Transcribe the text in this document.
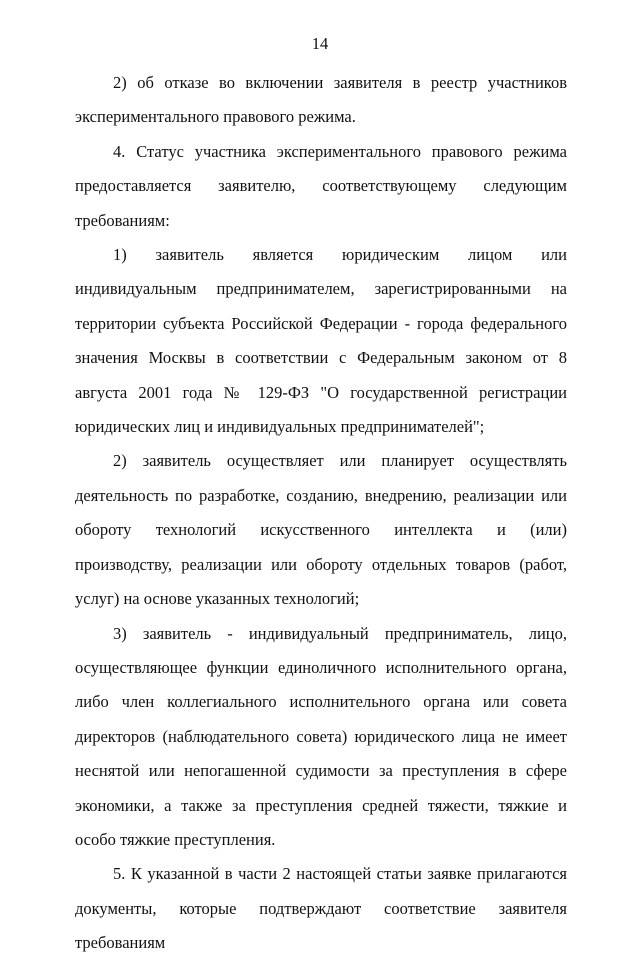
14

2) об отказе во включении заявителя в реестр участников экспериментального правового режима.

4. Статус участника экспериментального правового режима предоставляется заявителю, соответствующему следующим требованиям:

1) заявитель является юридическим лицом или индивидуальным предпринимателем, зарегистрированными на территории субъекта Российской Федерации - города федерального значения Москвы в соответствии с Федеральным законом от 8 августа 2001 года № 129-ФЗ "О государственной регистрации юридических лиц и индивидуальных предпринимателей";

2) заявитель осуществляет или планирует осуществлять деятельность по разработке, созданию, внедрению, реализации или обороту технологий искусственного интеллекта и (или) производству, реализации или обороту отдельных товаров (работ, услуг) на основе указанных технологий;

3) заявитель - индивидуальный предприниматель, лицо, осуществляющее функции единоличного исполнительного органа, либо член коллегиального исполнительного органа или совета директоров (наблюдательного совета) юридического лица не имеет неснятой или непогашенной судимости за преступления в сфере экономики, а также за преступления средней тяжести, тяжкие и особо тяжкие преступления.

5. К указанной в части 2 настоящей статьи заявке прилагаются документы, которые подтверждают соответствие заявителя требованиям
